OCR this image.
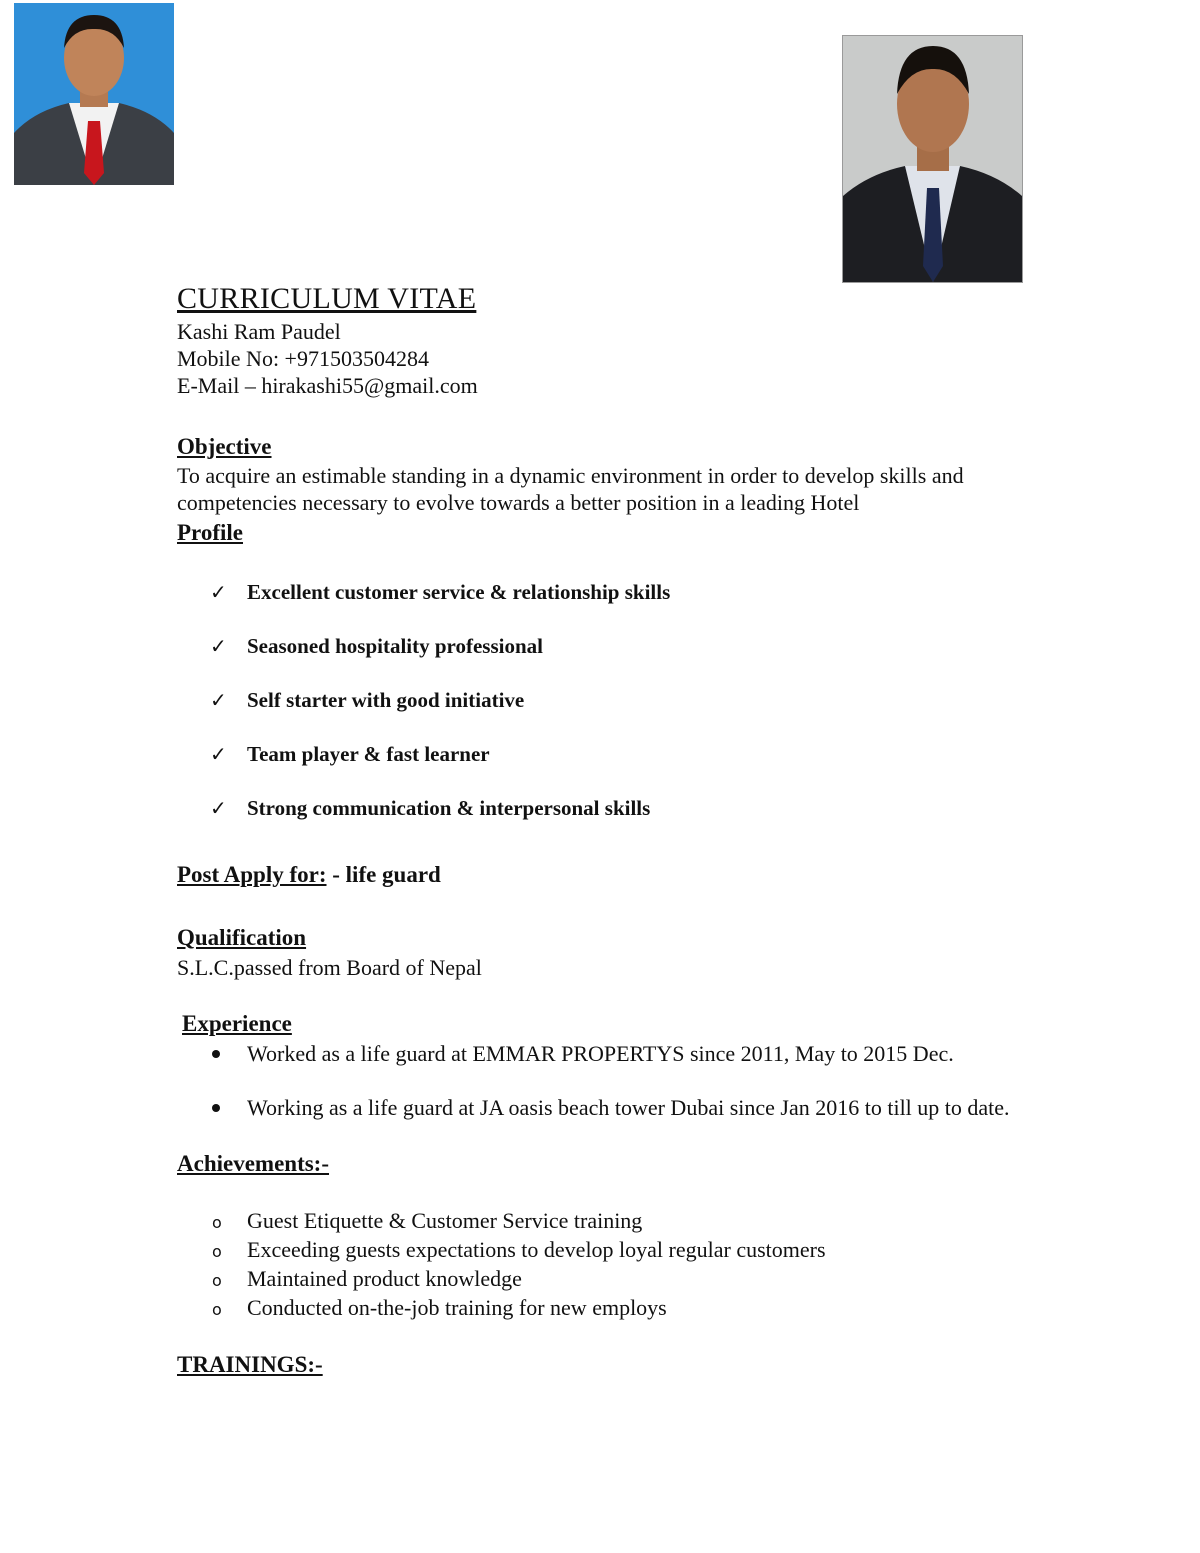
CURRICULUM VITAE
Kashi Ram Paudel
Mobile No: +971503504284
E-Mail – hirakashi55@gmail.com
Objective
To acquire an estimable standing in a dynamic environment in order to develop skills and competencies necessary to evolve towards a better position in a leading Hotel
Profile
✓ Excellent customer service & relationship skills
✓ Seasoned hospitality professional
✓ Self starter with good initiative
✓ Team player & fast learner
✓ Strong communication & interpersonal skills
Post Apply for: - life guard
Qualification
S.L.C.passed from Board of Nepal
Experience
Worked as a life guard at EMMAR PROPERTYS since 2011, May to 2015 Dec.
Working as a life guard at JA oasis beach tower Dubai since Jan 2016 to till up to date.
Achievements:-
o Guest Etiquette & Customer Service training
o Exceeding guests expectations to develop loyal regular customers
o Maintained product knowledge
o Conducted on-the-job training for new employs
TRAININGS:-
